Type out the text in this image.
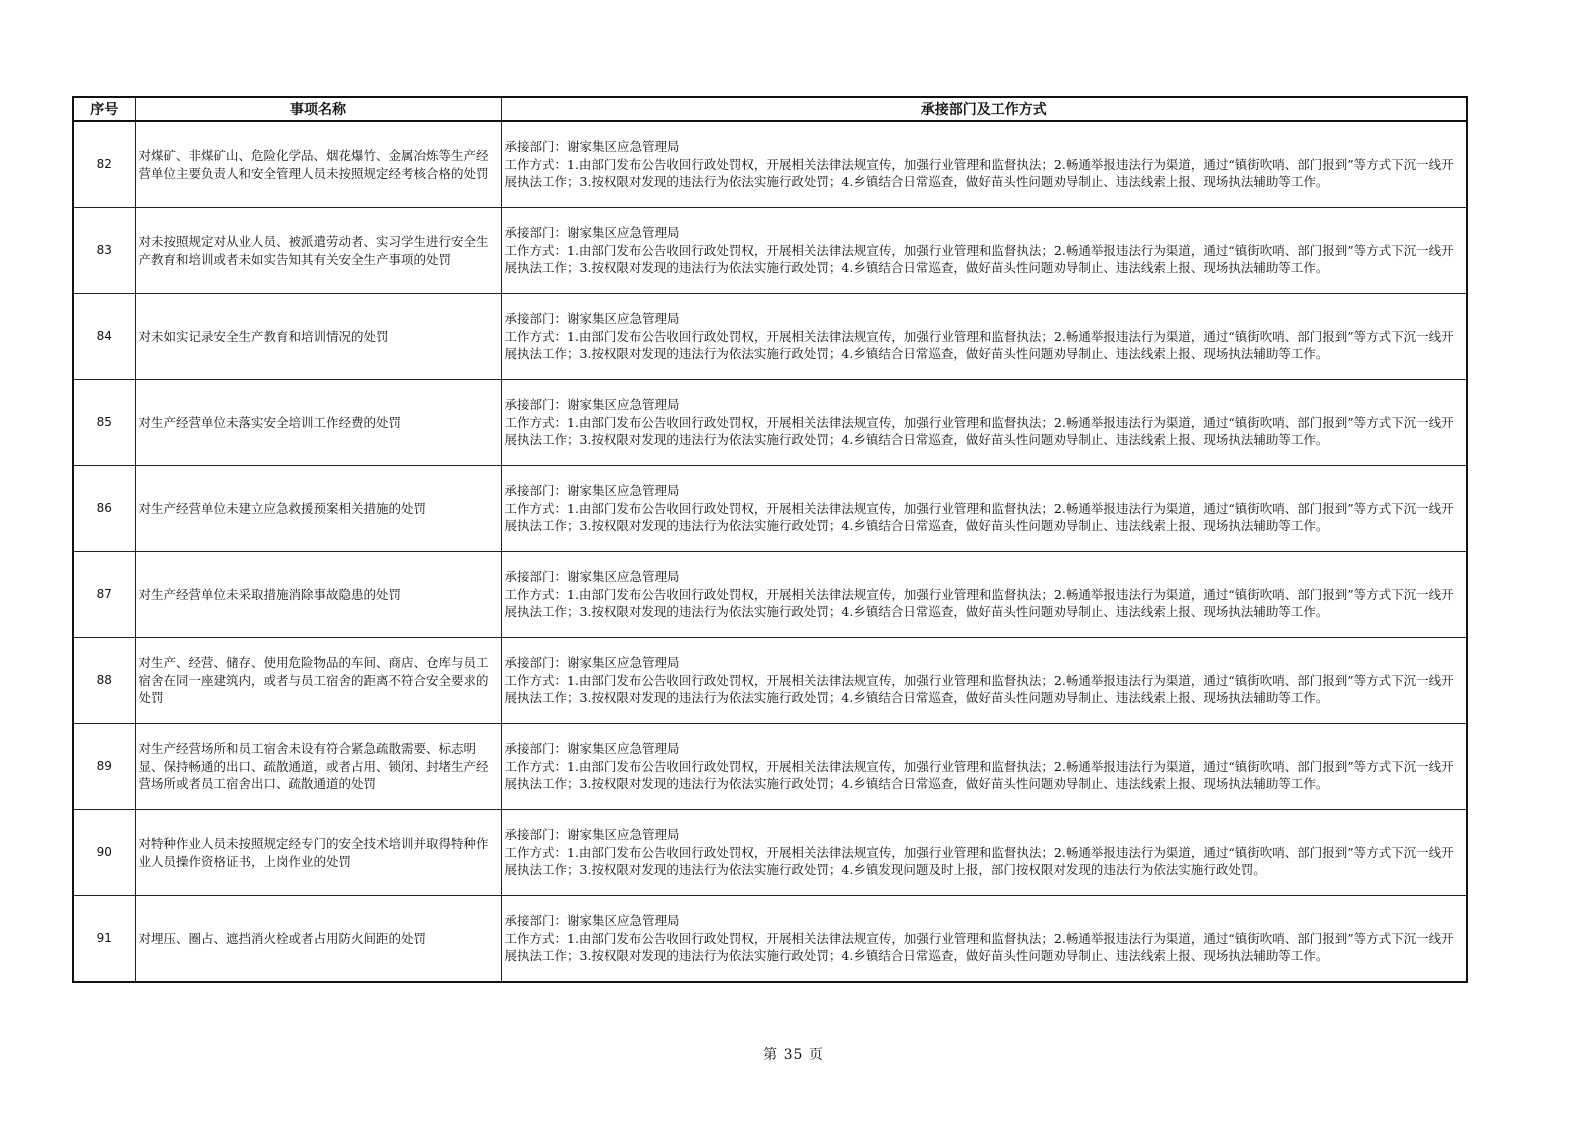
序号	事项名称	承接部门及工作方式
82	对煤矿、非煤矿山、危险化学品、烟花爆竹、金属冶炼等生产经营单位主要负责人和安全管理人员未按照规定经考核合格的处罚	承接部门：谢家集区应急管理局
工作方式：1.由部门发布公告收回行政处罚权，开展相关法律法规宣传，加强行业管理和监督执法；2.畅通举报违法行为渠道，通过“镇街吹哨、部门报到”等方式下沉一线开展执法工作；3.按权限对发现的违法行为依法实施行政处罚；4.乡镇结合日常巡查，做好苗头性问题劝导制止、违法线索上报、现场执法辅助等工作。

83	对未按照规定对从业人员、被派遣劳动者、实习学生进行安全生产教育和培训或者未如实告知其有关安全生产事项的处罚	承接部门：谢家集区应急管理局
工作方式：1.由部门发布公告收回行政处罚权，开展相关法律法规宣传，加强行业管理和监督执法；2.畅通举报违法行为渠道，通过“镇街吹哨、部门报到”等方式下沉一线开展执法工作；3.按权限对发现的违法行为依法实施行政处罚；4.乡镇结合日常巡查，做好苗头性问题劝导制止、违法线索上报、现场执法辅助等工作。

84	对未如实记录安全生产教育和培训情况的处罚	承接部门：谢家集区应急管理局
工作方式：1.由部门发布公告收回行政处罚权，开展相关法律法规宣传，加强行业管理和监督执法；2.畅通举报违法行为渠道，通过“镇街吹哨、部门报到”等方式下沉一线开展执法工作；3.按权限对发现的违法行为依法实施行政处罚；4.乡镇结合日常巡查，做好苗头性问题劝导制止、违法线索上报、现场执法辅助等工作。

85	对生产经营单位未落实安全培训工作经费的处罚	承接部门：谢家集区应急管理局
工作方式：1.由部门发布公告收回行政处罚权，开展相关法律法规宣传，加强行业管理和监督执法；2.畅通举报违法行为渠道，通过“镇街吹哨、部门报到”等方式下沉一线开展执法工作；3.按权限对发现的违法行为依法实施行政处罚；4.乡镇结合日常巡查，做好苗头性问题劝导制止、违法线索上报、现场执法辅助等工作。

86	对生产经营单位未建立应急救援预案相关措施的处罚	承接部门：谢家集区应急管理局
工作方式：1.由部门发布公告收回行政处罚权，开展相关法律法规宣传，加强行业管理和监督执法；2.畅通举报违法行为渠道，通过“镇街吹哨、部门报到”等方式下沉一线开展执法工作；3.按权限对发现的违法行为依法实施行政处罚；4.乡镇结合日常巡查，做好苗头性问题劝导制止、违法线索上报、现场执法辅助等工作。

87	对生产经营单位未采取措施消除事故隐患的处罚	承接部门：谢家集区应急管理局
工作方式：1.由部门发布公告收回行政处罚权，开展相关法律法规宣传，加强行业管理和监督执法；2.畅通举报违法行为渠道，通过“镇街吹哨、部门报到”等方式下沉一线开展执法工作；3.按权限对发现的违法行为依法实施行政处罚；4.乡镇结合日常巡查，做好苗头性问题劝导制止、违法线索上报、现场执法辅助等工作。

88	对生产、经营、储存、使用危险物品的车间、商店、仓库与员工宿舍在同一座建筑内，或者与员工宿舍的距离不符合安全要求的处罚	承接部门：谢家集区应急管理局
工作方式：1.由部门发布公告收回行政处罚权，开展相关法律法规宣传，加强行业管理和监督执法；2.畅通举报违法行为渠道，通过“镇街吹哨、部门报到”等方式下沉一线开展执法工作；3.按权限对发现的违法行为依法实施行政处罚；4.乡镇结合日常巡查，做好苗头性问题劝导制止、违法线索上报、现场执法辅助等工作。

89	对生产经营场所和员工宿舍未设有符合紧急疏散需要、标志明显、保持畅通的出口、疏散通道，或者占用、锁闭、封堵生产经营场所或者员工宿舍出口、疏散通道的处罚	承接部门：谢家集区应急管理局
工作方式：1.由部门发布公告收回行政处罚权，开展相关法律法规宣传，加强行业管理和监督执法；2.畅通举报违法行为渠道，通过“镇街吹哨、部门报到”等方式下沉一线开展执法工作；3.按权限对发现的违法行为依法实施行政处罚；4.乡镇结合日常巡查，做好苗头性问题劝导制止、违法线索上报、现场执法辅助等工作。

90	对特种作业人员未按照规定经专门的安全技术培训并取得特种作业人员操作资格证书，上岗作业的处罚	承接部门：谢家集区应急管理局
工作方式：1.由部门发布公告收回行政处罚权，开展相关法律法规宣传，加强行业管理和监督执法；2.畅通举报违法行为渠道，通过“镇街吹哨、部门报到”等方式下沉一线开展执法工作；3.按权限对发现的违法行为依法实施行政处罚；4.乡镇发现问题及时上报，部门按权限对发现的违法行为依法实施行政处罚。

91	对埋压、圈占、遮挡消火栓或者占用防火间距的处罚	承接部门：谢家集区应急管理局
工作方式：1.由部门发布公告收回行政处罚权，开展相关法律法规宣传，加强行业管理和监督执法；2.畅通举报违法行为渠道，通过“镇街吹哨、部门报到”等方式下沉一线开展执法工作；3.按权限对发现的违法行为依法实施行政处罚；4.乡镇结合日常巡查，做好苗头性问题劝导制止、违法线索上报、现场执法辅助等工作。
第 35 页
